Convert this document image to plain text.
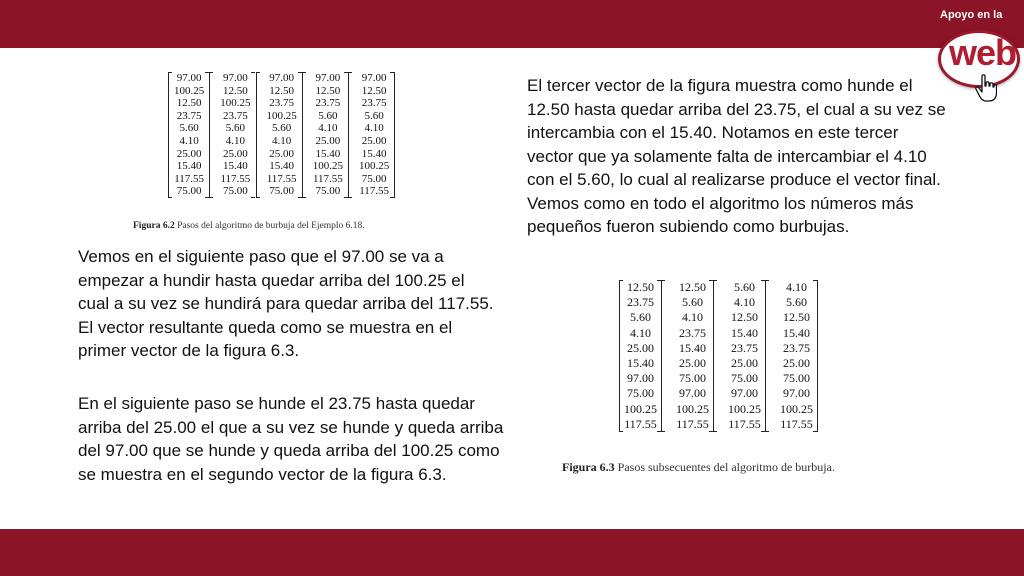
Apoyo en la
web
97.00	97.00	97.00	97.00	97.00
100.25	12.50	12.50	12.50	12.50
12.50	100.25	23.75	23.75	23.75
23.75	23.75	100.25	5.60	5.60
5.60	5.60	5.60	4.10	4.10
4.10	4.10	4.10	25.00	25.00
25.00	25.00	25.00	15.40	15.40
15.40	15.40	15.40	100.25	100.25
117.55	117.55	117.55	117.55	75.00
75.00	75.00	75.00	75.00	117.55
Figura 6.2 Pasos del algoritmo de burbuja del Ejemplo 6.18.
Vemos en el siguiente paso que el 97.00 se va a empezar a hundir hasta quedar arriba del 100.25 el cual a su vez se hundirá para quedar arriba del 117.55. El vector resultante queda como se muestra en el primer vector de la figura 6.3.
En el siguiente paso se hunde el 23.75 hasta quedar arriba del 25.00 el que a su vez se hunde y queda arriba del 97.00 que se hunde y queda arriba del 100.25 como se muestra en el segundo vector de la figura 6.3.
El tercer vector de la figura muestra como hunde el 12.50 hasta quedar arriba del 23.75, el cual a su vez se intercambia con el 15.40. Notamos en este tercer vector que ya solamente falta de intercambiar el 4.10 con el 5.60, lo cual al realizarse produce el vector final. Vemos como en todo el algoritmo los números más pequeños fueron subiendo como burbujas.
12.50	12.50	5.60	4.10
23.75	5.60	4.10	5.60
5.60	4.10	12.50	12.50
4.10	23.75	15.40	15.40
25.00	15.40	23.75	23.75
15.40	25.00	25.00	25.00
97.00	75.00	75.00	75.00
75.00	97.00	97.00	97.00
100.25	100.25	100.25	100.25
117.55	117.55	117.55	117.55
Figura 6.3 Pasos subsecuentes del algoritmo de burbuja.
